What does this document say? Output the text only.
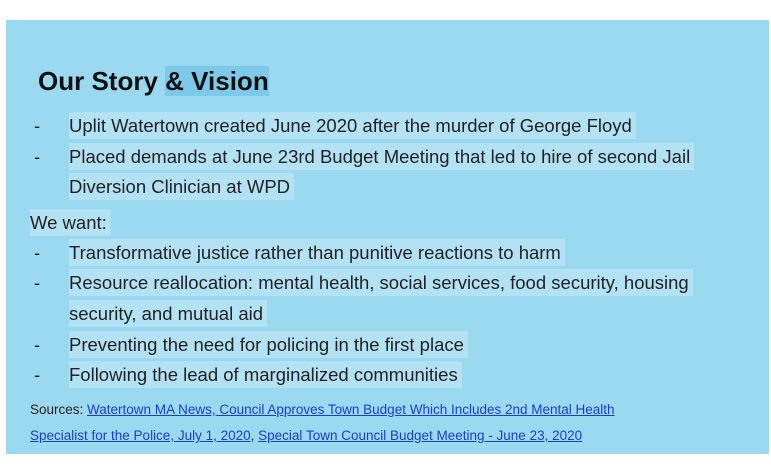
Our Story & Vision
- Uplit Watertown created June 2020 after the murder of George Floyd
- Placed demands at June 23rd Budget Meeting that led to hire of second Jail
Diversion Clinician at WPD
We want:
- Transformative justice rather than punitive reactions to harm
- Resource reallocation: mental health, social services, food security, housing
security, and mutual aid
- Preventing the need for policing in the first place
- Following the lead of marginalized communities
Sources: Watertown MA News, Council Approves Town Budget Which Includes 2nd Mental Health
Specialist for the Police, July 1, 2020, Special Town Council Budget Meeting - June 23, 2020
